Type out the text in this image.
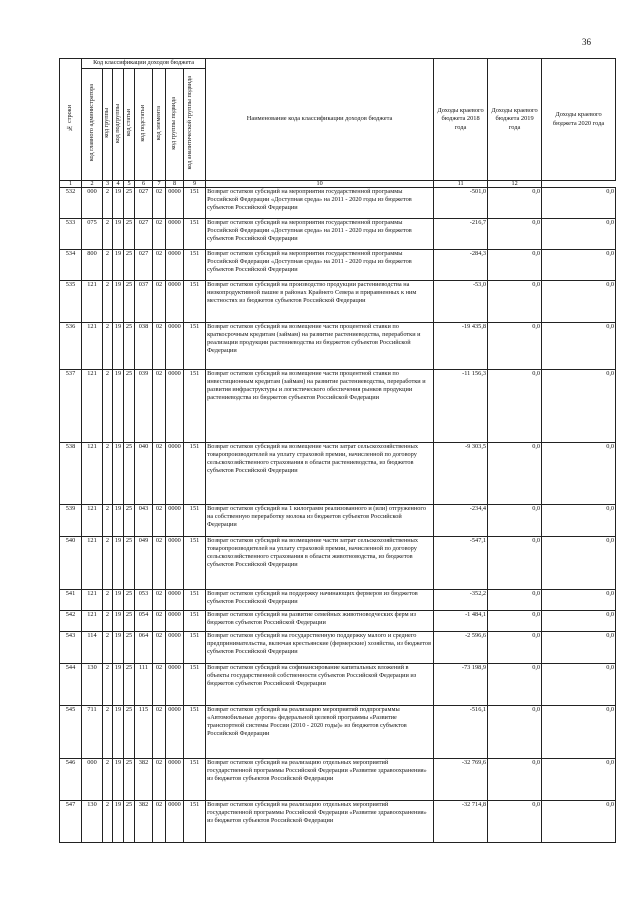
36
№ строки	Код классификации доходов бюджета								Наименование кода классификации доходов бюджета	Доходы краевого бюджета 2018 года	Доходы краевого бюджета 2019 года	Доходы краевого бюджета 2020 года
	код главного администратора	код группы	код подгруппы	код статьи	код подстатьи	код элемента	код группы подвида	код аналитической группы подвида				
1	2	3	4	5	6	7	8	9	10	11	12	
532	000	2	19	25	027	02	0000	151	Возврат остатков субсидий на мероприятия государственной программы Российской Федерации «Доступная среда» на 2011 - 2020 годы из бюджетов субъектов Российской Федерации	-501,0	0,0	0,0
533	075	2	19	25	027	02	0000	151	Возврат остатков субсидий на мероприятия государственной программы Российской Федерации «Доступная среда» на 2011 - 2020 годы из бюджетов субъектов Российской Федерации	-216,7	0,0	0,0
534	800	2	19	25	027	02	0000	151	Возврат остатков субсидий на мероприятия государственной программы Российской Федерации «Доступная среда» на 2011 - 2020 годы из бюджетов субъектов Российской Федерации	-284,3	0,0	0,0
535	121	2	19	25	037	02	0000	151	Возврат остатков субсидий на производство продукции растениеводства на низкопродуктивной пашне в районах Крайнего Севера и приравненных к ним местностях из бюджетов субъектов Российской Федерации	-53,0	0,0	0,0
536	121	2	19	25	038	02	0000	151	Возврат остатков субсидий на возмещение части процентной ставки по краткосрочным кредитам (займам) на развитие растениеводства, переработки и реализации продукции растениеводства из бюджетов субъектов Российской Федерации	-19 435,8	0,0	0,0
537	121	2	19	25	039	02	0000	151	Возврат остатков субсидий на возмещение части процентной ставки по инвестиционным кредитам (займам) на развитие растениеводства, переработки и развития инфраструктуры и логистического обеспечения рынков продукции растениеводства из бюджетов субъектов Российской Федерации	-11 156,3	0,0	0,0
538	121	2	19	25	040	02	0000	151	Возврат остатков субсидий на возмещение части затрат сельскохозяйственных товаропроизводителей на уплату страховой премии, начисленной по договору сельскохозяйственного страхования в области растениеводства, из бюджетов субъектов Российской Федерации	-9 303,5	0,0	0,0
539	121	2	19	25	043	02	0000	151	Возврат остатков субсидий на 1 килограмм реализованного и (или) отгруженного на собственную переработку молока из бюджетов субъектов Российской Федерации	-234,4	0,0	0,0
540	121	2	19	25	049	02	0000	151	Возврат остатков субсидий на возмещение части затрат сельскохозяйственных товаропроизводителей на уплату страховой премии, начисленной по договору сельскохозяйственного страхования в области животноводства, из бюджетов субъектов Российской Федерации	-547,1	0,0	0,0
541	121	2	19	25	053	02	0000	151	Возврат остатков субсидий на поддержку начинающих фермеров из бюджетов субъектов Российской Федерации	-352,2	0,0	0,0
542	121	2	19	25	054	02	0000	151	Возврат остатков субсидий на развитие семейных животноводческих ферм из бюджетов субъектов Российской Федерации	-1 484,1	0,0	0,0
543	114	2	19	25	064	02	0000	151	Возврат остатков субсидий на государственную поддержку малого и среднего предпринимательства, включая крестьянские (фермерские) хозяйства, из бюджетов субъектов Российской Федерации	-2 596,6	0,0	0,0
544	130	2	19	25	111	02	0000	151	Возврат остатков субсидий на софинансирование капитальных вложений в объекты государственной собственности субъектов Российской Федерации из бюджетов субъектов Российской Федерации	-73 198,9	0,0	0,0
545	711	2	19	25	115	02	0000	151	Возврат остатков субсидий на реализацию мероприятий подпрограммы «Автомобильные дороги» федеральной целевой программы «Развитие транспортной системы России (2010 - 2020 годы)» из бюджетов субъектов Российской Федерации	-516,1	0,0	0,0
546	000	2	19	25	382	02	0000	151	Возврат остатков субсидий на реализацию отдельных мероприятий государственной программы Российской Федерации «Развитие здравоохранения» из бюджетов субъектов Российской Федерации	-32 769,6	0,0	0,0
547	130	2	19	25	382	02	0000	151	Возврат остатков субсидий на реализацию отдельных мероприятий государственной программы Российской Федерации «Развитие здравоохранения» из бюджетов субъектов Российской Федерации	-32 714,8	0,0	0,0
